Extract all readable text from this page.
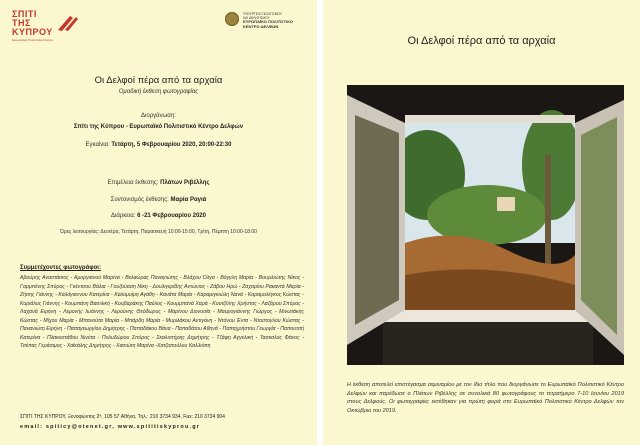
ΣΠΙΤΙ
ΤΗΣ
ΚΥΠΡΟΥ
Ευρωπαϊκό Πολιτιστικό Κέντρο
ΥΠΟΥΡΓΕΙΟ ΠΟΛΙΤΙΣΜΟΥ
ΚΑΙ ΑΘΛΗΤΙΣΜΟΥ
ΕΥΡΩΠΑΪΚΟ ΠΟΛΙΤΙΣΤΙΚΟ
ΚΕΝΤΡΟ ΔΕΛΦΩΝ
Οι Δελφοί πέρα από τα αρχαία
Ομαδική έκθεση φωτογραφίας
Διοργάνωση:
Σπίτι της Κύπρου - Ευρωπαϊκό Πολιτιστικό Κέντρο Δελφών
Εγκαίνια: Τετάρτη, 5 Φεβρουαρίου 2020, 20:00-22:30
Επιμέλεια έκθεσης: Πλάτων Ριβέλλης
Συντονισμός έκθεσης: Μαρία Ραγιά
Διάρκεια: 6 -21 Φεβρουαρίου 2020
Ώρες λειτουργίας: Δευτέρα, Τετάρτη, Παρασκευή 10:00-15:00, Τρίτη, Πέμπτη 10:00-18:00
Συμμετέχοντες φωτογράφοι:
Αβούρης Αναστάσιος - Αμοργιανού Μαρίνα - Βελαώρας Παναγιώτης - Βλάχου Όλγα - Βόγγλη Μαρία - Βουρλιώτης Νίκος - Γαρμπένης Σπύρος - Γκέντσου Βάλια - Γουζούαση Νίκη - Δουλιγερίδης Αντώνιος - Ζάβου Ηρώ - Ζαχαρίου Ρακαντά Μαρία - Ζήσης Γιάννης - Καλόγιαννου Κατερίνα - Καλομοίρη Αγάθη - Κανάτα Μαρία - Καραμιγκιώλη Νανά - Καραμολέγκος Κώστας - Κοριάλος Γιάννης - Κουμπάνη Βασιλική - Κουβαράκης Παύλος - Κουρμπανά Χαρά - Κουτζέλης Χρήστος - Λαζάρου Σπύρος - Λαχανά Ειρήνη - Λεμονής Ιωάννης - Λερούνης Θεόδωρος - Μαρίνου Διονυσία - Μαυρογιάννης Γιώργος - Μινωτάκης Κώστας - Μίχου Μαρία - Μπανούτα Μαρία - Μπάρδη Μαρία - Μυριλάκου Αντιγόνη - Ντόνου Έντα - Ντοστογλου Κώστας - Πανανιώτη Ειρήνη - Παπαγεωργίου Δημήτρης - Παπαδάκου Βάνα - Παπαδάτου Αθηνά - Παπαχρήστου Γεωργία - Παπουτσή Κατερίνα - Πλακοστάθου Νινέτα - Πολυδώρου Σπύρος - Σκαλιστήρης Δημήτρης - Τζάφη Αγγελική - Τασκαλος Φάνος - Τσέπας Γεράσιμος - Χαϊκάλης Δημήτρης - Χασιώτη Μαρίνα -Χατζοπούλου Καλλιόπη
ΣΠΙΤΙ ΤΗΣ ΚΥΠΡΟΥ, Ξενοφώντος 2ª, 105 57 Αθήνα, Τηλ.: 210 3734 934, Fax: 210 3734 904
email: spiticy@otenet.gr, www.spititiskyprou.gr
Οι Δελφοί πέρα από τα αρχαία
Η έκθεση αποτελεί επιστέγασμα σεμιναρίου με τον ίδιο τίτλο που διοργάνωσε το Ευρωπαϊκό Πολιτιστικό Κέντρο Δελφών και παρέδωσε ο Πλάτων Ριβέλλης σε συνολικά 80 φωτογράφους το τετραήμερο 7-10 Ιουνίου 2019 στους Δελφούς. Οι φωτογραφίες εκτέθηκαν για πρώτη φορά στο Ευρωπαϊκό Πολιτιστικό Κέντρο Δελφών τον Οκτώβριο του 2019.
